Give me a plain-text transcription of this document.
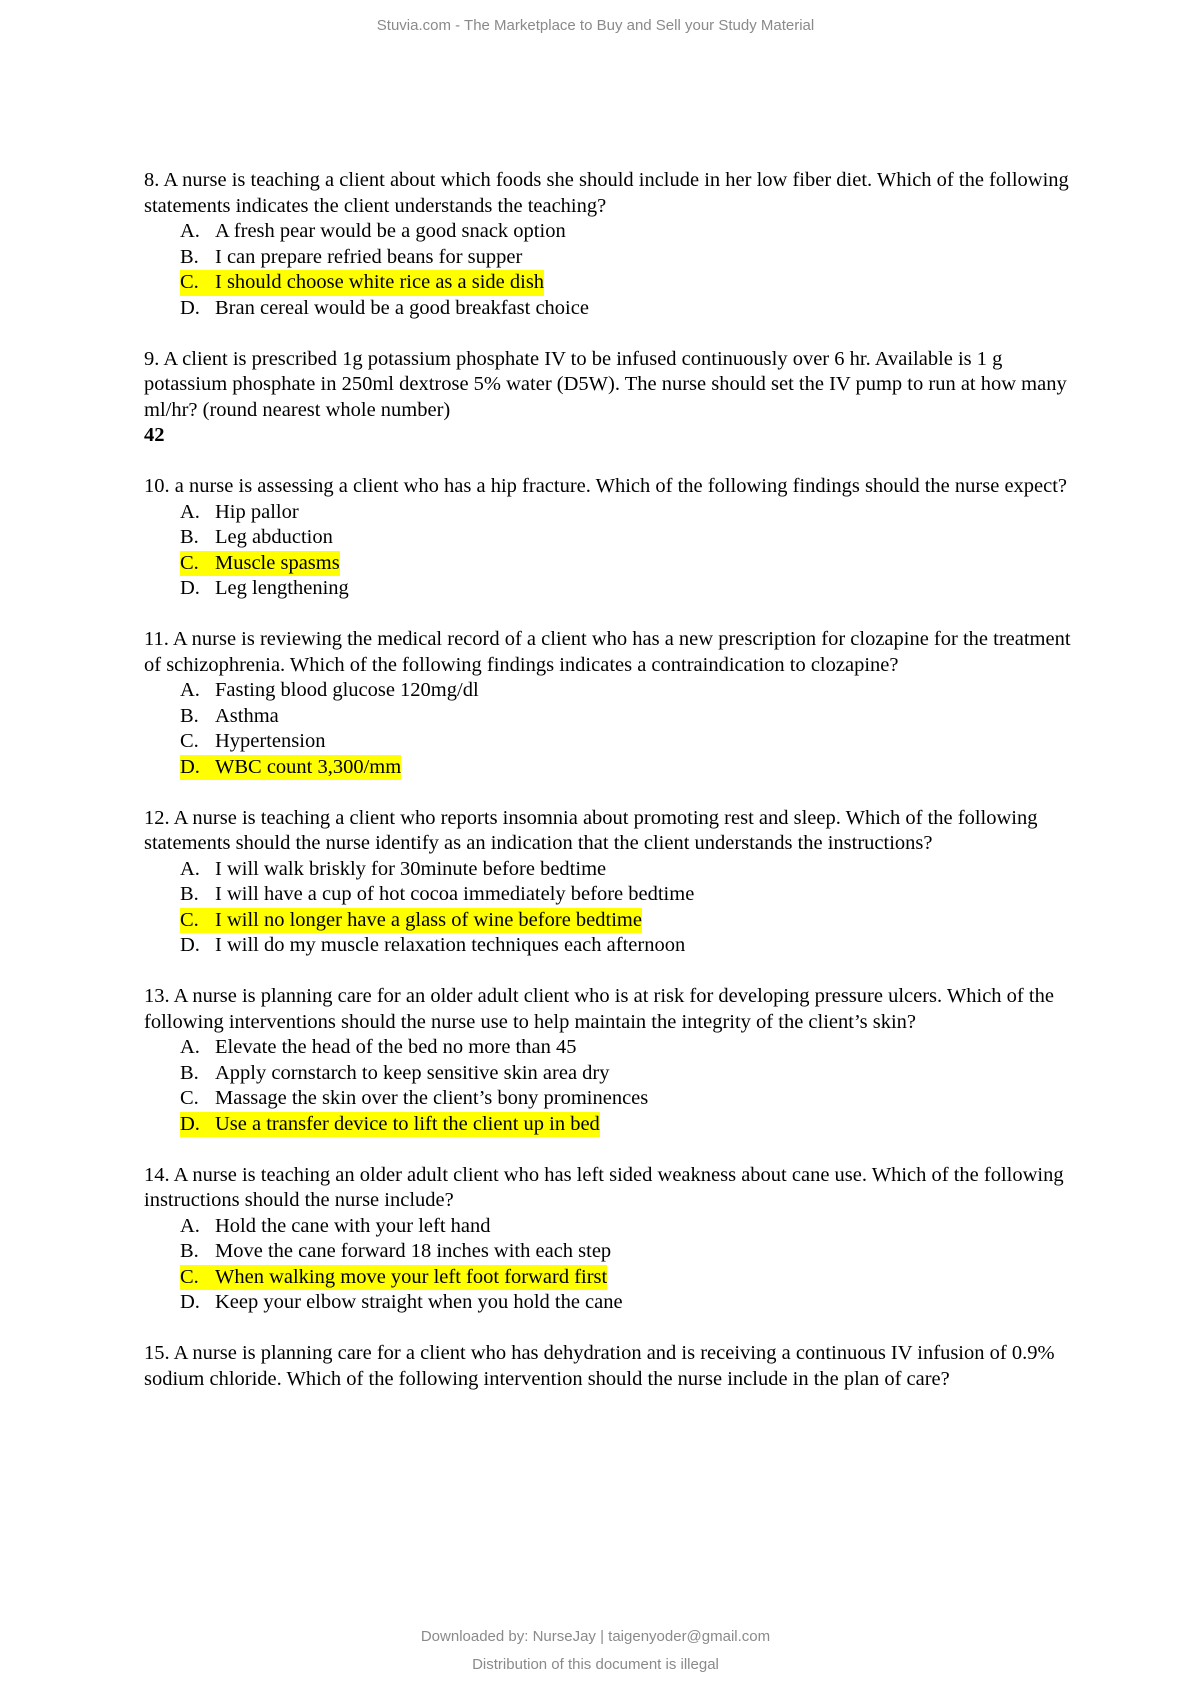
Stuvia.com - The Marketplace to Buy and Sell your Study Material

8. A nurse is teaching a client about which foods she should include in her low fiber diet. Which of the following statements indicates the client understands the teaching?

A. A fresh pear would be a good snack option
B. I can prepare refried beans for supper
C. I should choose white rice as a side dish
D. Bran cereal would be a good breakfast choice

9. A client is prescribed 1g potassium phosphate IV to be infused continuously over 6 hr. Available is 1 g potassium phosphate in 250ml dextrose 5% water (D5W). The nurse should set the IV pump to run at how many ml/hr? (round nearest whole number)

42

10. a nurse is assessing a client who has a hip fracture. Which of the following findings should the nurse expect?

A. Hip pallor
B. Leg abduction
C. Muscle spasms
D. Leg lengthening

11. A nurse is reviewing the medical record of a client who has a new prescription for clozapine for the treatment of schizophrenia. Which of the following findings indicates a contraindication to clozapine?

A. Fasting blood glucose 120mg/dl
B. Asthma
C. Hypertension
D. WBC count 3,300/mm

12. A nurse is teaching a client who reports insomnia about promoting rest and sleep. Which of the following statements should the nurse identify as an indication that the client understands the instructions?

A. I will walk briskly for 30minute before bedtime
B. I will have a cup of hot cocoa immediately before bedtime
C. I will no longer have a glass of wine before bedtime
D. I will do my muscle relaxation techniques each afternoon

13. A nurse is planning care for an older adult client who is at risk for developing pressure ulcers. Which of the following interventions should the nurse use to help maintain the integrity of the client’s skin?

A. Elevate the head of the bed no more than 45
B. Apply cornstarch to keep sensitive skin area dry
C. Massage the skin over the client’s bony prominences
D. Use a transfer device to lift the client up in bed

14. A nurse is teaching an older adult client who has left sided weakness about cane use. Which of the following instructions should the nurse include?

A. Hold the cane with your left hand
B. Move the cane forward 18 inches with each step
C. When walking move your left foot forward first
D. Keep your elbow straight when you hold the cane

15. A nurse is planning care for a client who has dehydration and is receiving a continuous IV infusion of 0.9% sodium chloride. Which of the following intervention should the nurse include in the plan of care?

Downloaded by: NurseJay | taigenyoder@gmail.com
Distribution of this document is illegal
